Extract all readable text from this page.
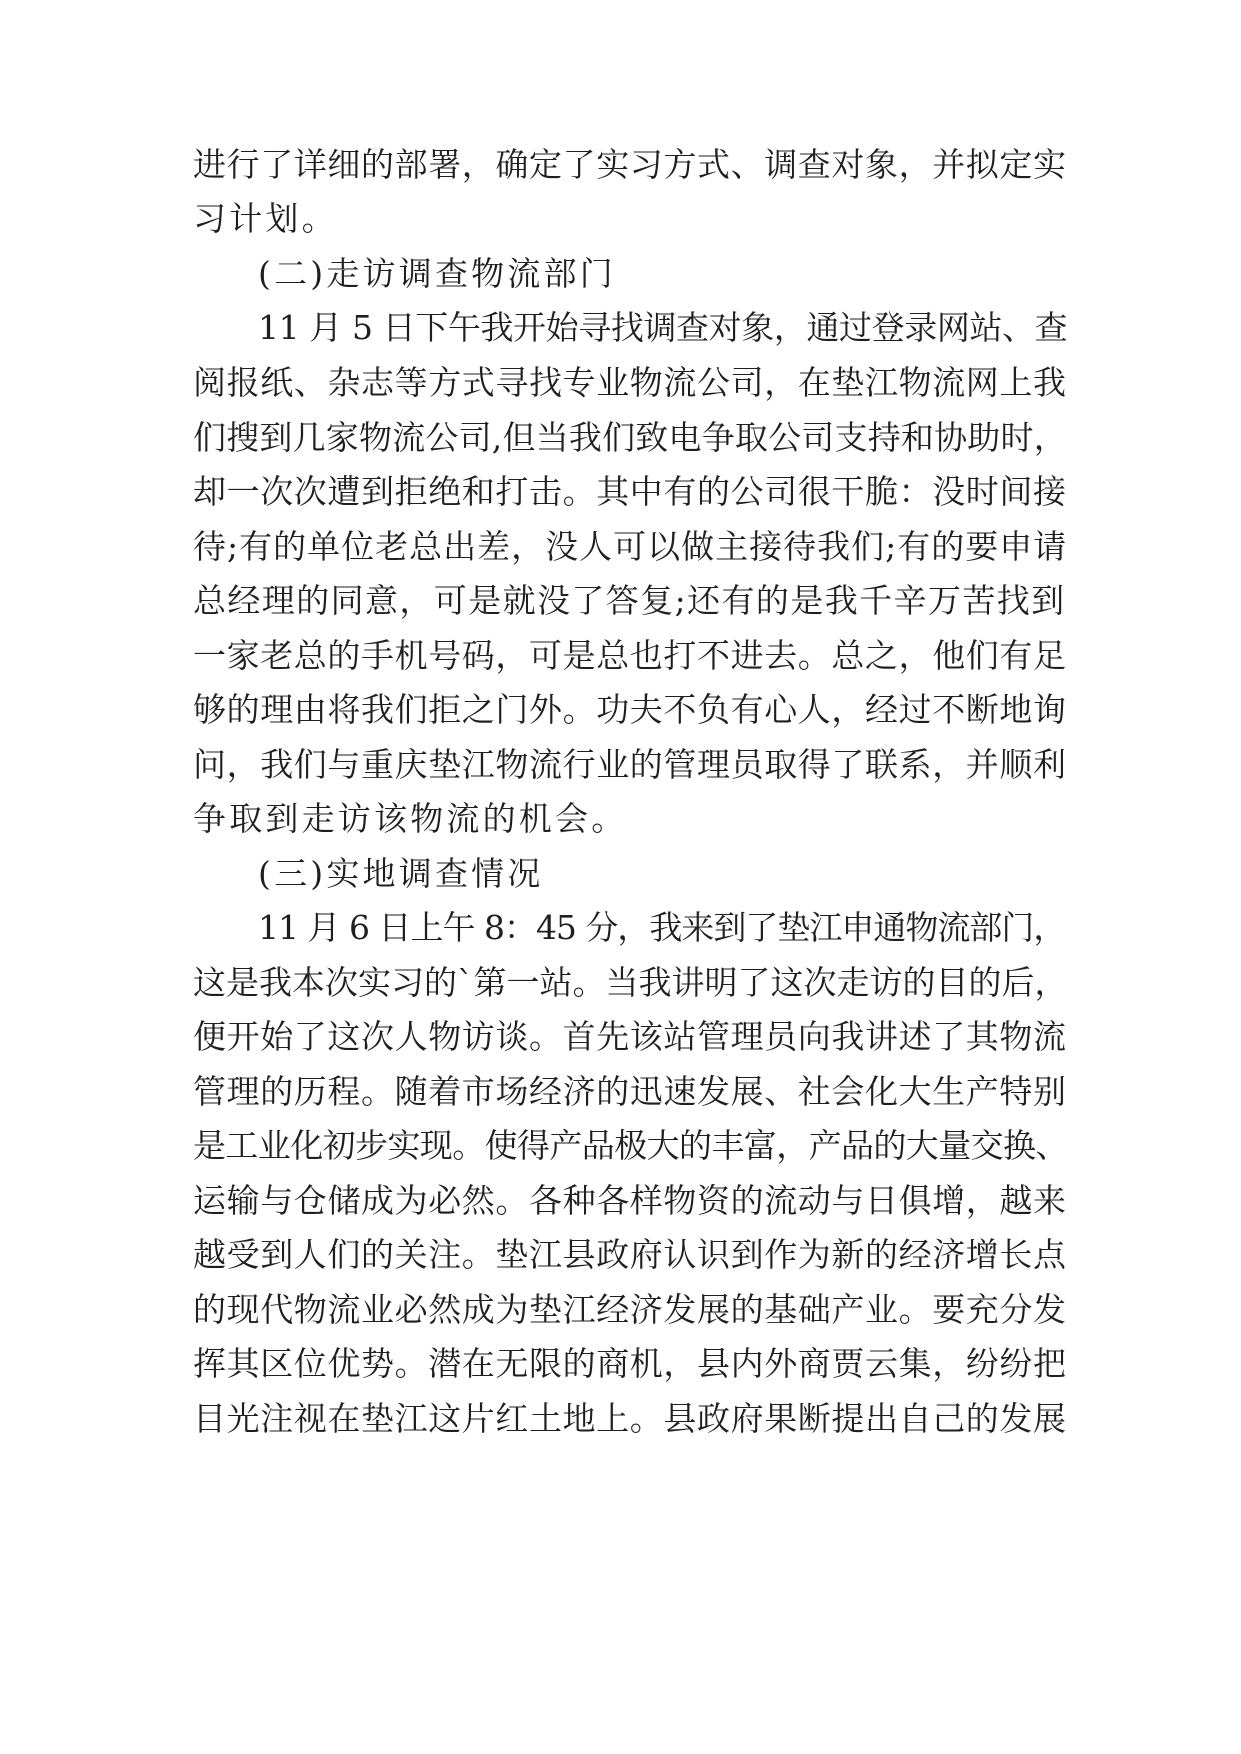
进行了详细的部署，确定了实习方式、调查对象，并拟定实
习计划。
(二)走访调查物流部门
11 月 5 日下午我开始寻找调查对象，通过登录网站、查
阅报纸、杂志等方式寻找专业物流公司，在垫江物流网上我
们搜到几家物流公司,但当我们致电争取公司支持和协助时，
却一次次遭到拒绝和打击。其中有的公司很干脆：没时间接
待;有的单位老总出差，没人可以做主接待我们;有的要申请
总经理的同意，可是就没了答复;还有的是我千辛万苦找到
一家老总的手机号码，可是总也打不进去。总之，他们有足
够的理由将我们拒之门外。功夫不负有心人，经过不断地询
问，我们与重庆垫江物流行业的管理员取得了联系，并顺利
争取到走访该物流的机会。
(三)实地调查情况
11 月 6 日上午 8：45 分，我来到了垫江申通物流部门，
这是我本次实习的`第一站。当我讲明了这次走访的目的后，
便开始了这次人物访谈。首先该站管理员向我讲述了其物流
管理的历程。随着市场经济的迅速发展、社会化大生产特别
是工业化初步实现。使得产品极大的丰富，产品的大量交换、
运输与仓储成为必然。各种各样物资的流动与日俱增，越来
越受到人们的关注。垫江县政府认识到作为新的经济增长点
的现代物流业必然成为垫江经济发展的基础产业。要充分发
挥其区位优势。潜在无限的商机，县内外商贾云集，纷纷把
目光注视在垫江这片红土地上。县政府果断提出自己的发展
